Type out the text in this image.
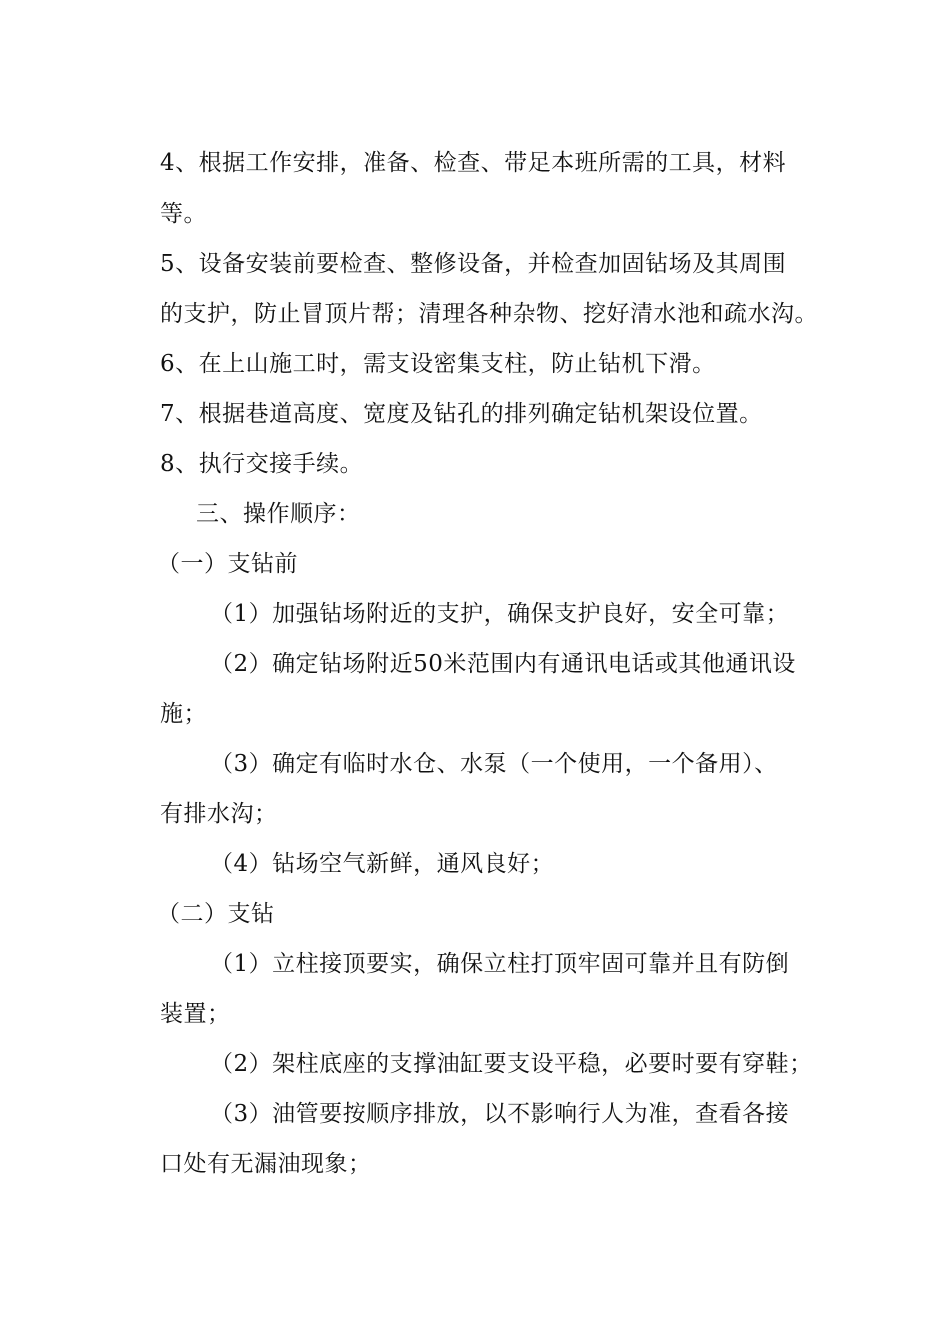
4、根据工作安排，准备、检查、带足本班所需的工具，材料
等。
5、设备安装前要检查、整修设备，并检查加固钻场及其周围
的支护，防止冒顶片帮；清理各种杂物、挖好清水池和疏水沟。
6、在上山施工时，需支设密集支柱，防止钻机下滑。
7、根据巷道高度、宽度及钻孔的排列确定钻机架设位置。
8、执行交接手续。
三、操作顺序：
（一）支钻前
（1）加强钻场附近的支护，确保支护良好，安全可靠；
（2）确定钻场附近50米范围内有通讯电话或其他通讯设
施；
（3）确定有临时水仓、水泵（一个使用，一个备用）、
有排水沟；
（4）钻场空气新鲜，通风良好；
（二）支钻
（1）立柱接顶要实，确保立柱打顶牢固可靠并且有防倒
装置；
（2）架柱底座的支撑油缸要支设平稳，必要时要有穿鞋；
（3）油管要按顺序排放，以不影响行人为准，查看各接
口处有无漏油现象；
